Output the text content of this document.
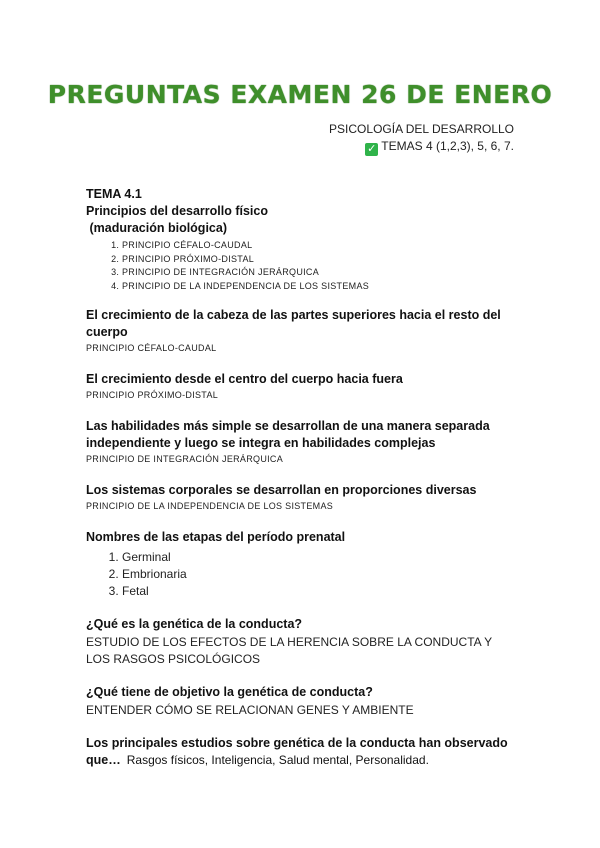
PREGUNTAS EXAMEN 26 DE ENERO
PSICOLOGÍA DEL DESARROLLO
✓ TEMAS 4 (1,2,3), 5, 6, 7.

TEMA 4.1

Principios del desarrollo físico

(maduración biológica)

1. PRINCIPIO CÉFALO-CAUDAL
2. PRINCIPIO PRÓXIMO-DISTAL
3. PRINCIPIO DE INTEGRACIÓN JERÁRQUICA
4. PRINCIPIO DE LA INDEPENDENCIA DE LOS SISTEMAS

El crecimiento de la cabeza de las partes superiores hacia el resto del cuerpo

PRINCIPIO CÉFALO-CAUDAL

El crecimiento desde el centro del cuerpo hacia fuera

PRINCIPIO PRÓXIMO-DISTAL

Las habilidades más simple se desarrollan de una manera separada independiente y luego se integra en habilidades complejas

PRINCIPIO DE INTEGRACIÓN JERÁRQUICA

Los sistemas corporales se desarrollan en proporciones diversas

PRINCIPIO DE LA INDEPENDENCIA DE LOS SISTEMAS

Nombres de las etapas del período prenatal

1. Germinal
2. Embrionaria
3. Fetal

¿Qué es la genética de la conducta?

ESTUDIO DE LOS EFECTOS DE LA HERENCIA SOBRE LA CONDUCTA Y LOS RASGOS PSICOLÓGICOS

¿Qué tiene de objetivo la genética de conducta?

ENTENDER CÓMO SE RELACIONAN GENES Y AMBIENTE

Los principales estudios sobre genética de la conducta han observado que… Rasgos físicos, Inteligencia, Salud mental, Personalidad.
